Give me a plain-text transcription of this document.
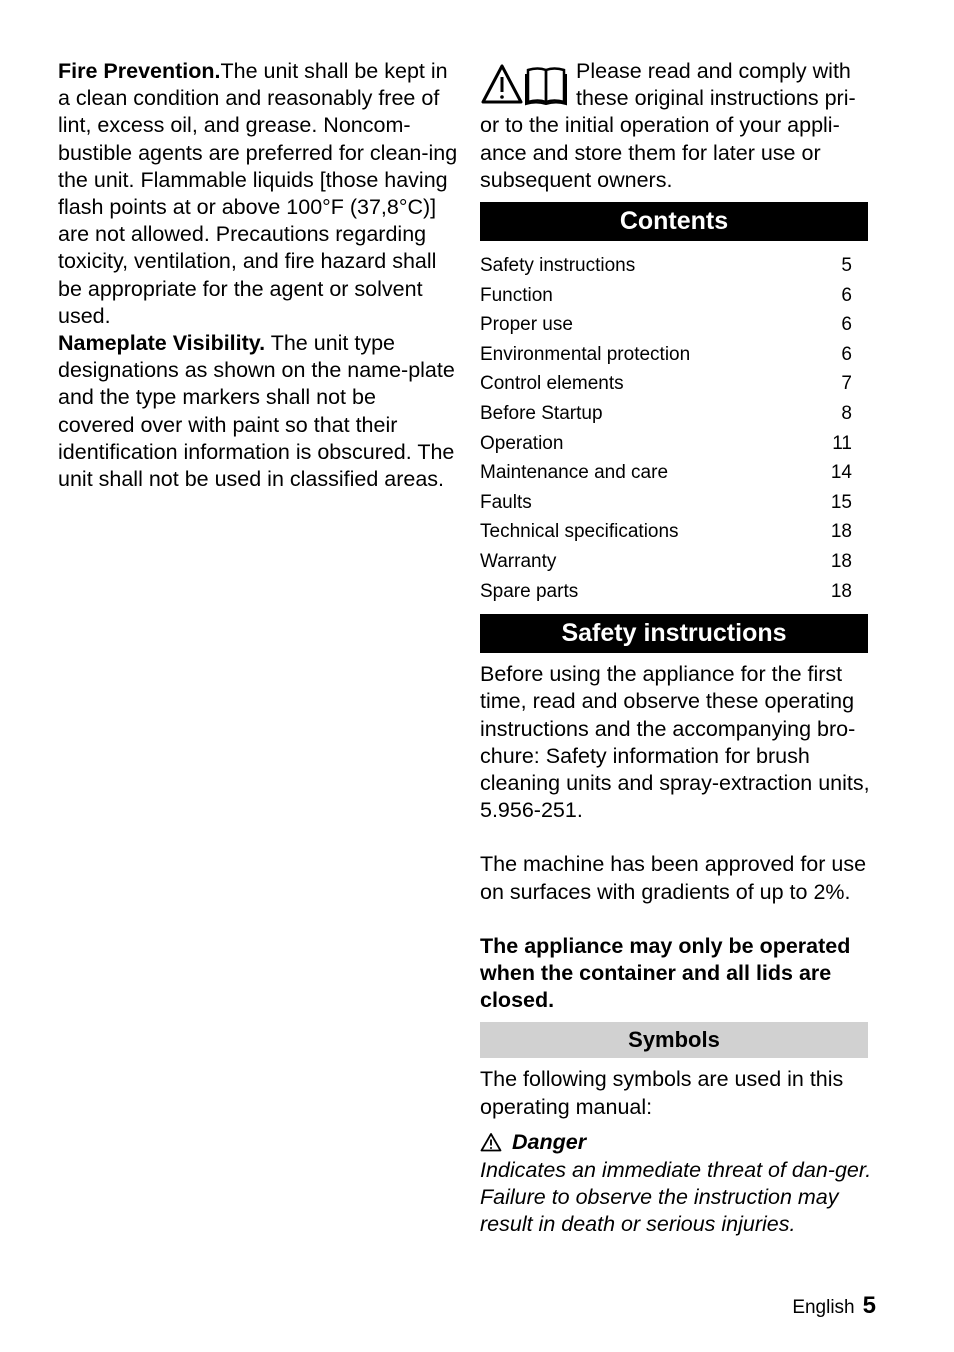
Fire Prevention.The unit shall be kept in a clean condition and reasonably free of lint, excess oil, and grease. Noncom-bustible agents are preferred for clean-ing the unit. Flammable liquids [those having flash points at or above 100°F (37,8°C)] are not allowed. Precautions regarding toxicity, ventilation, and fire hazard shall be appropriate for the agent or solvent used.

Nameplate Visibility. The unit type designations as shown on the name-plate and the type markers shall not be covered over with paint so that their identification information is obscured. The unit shall not be used in classified areas.

Please read and comply with

these original instructions pri-

or to the initial operation of your appli-ance and store them for later use or subsequent owners.

Contents
Safety instructions	5
Function	6
Proper use	6
Environmental protection	6
Control elements	7
Before Startup	8
Operation	11
Maintenance and care	14
Faults	15
Technical specifications	18
Warranty	18
Spare parts	18
Safety instructions

Before using the appliance for the first time, read and observe these operating instructions and the accompanying bro-chure: Safety information for brush cleaning units and spray-extraction units, 5.956-251.

The machine has been approved for use on surfaces with gradients of up to 2%.

The appliance may only be operated when the container and all lids are closed.

Symbols

The following symbols are used in this operating manual:

Danger

Indicates an immediate threat of dan-ger. Failure to observe the instruction may result in death or serious injuries.

English 5
